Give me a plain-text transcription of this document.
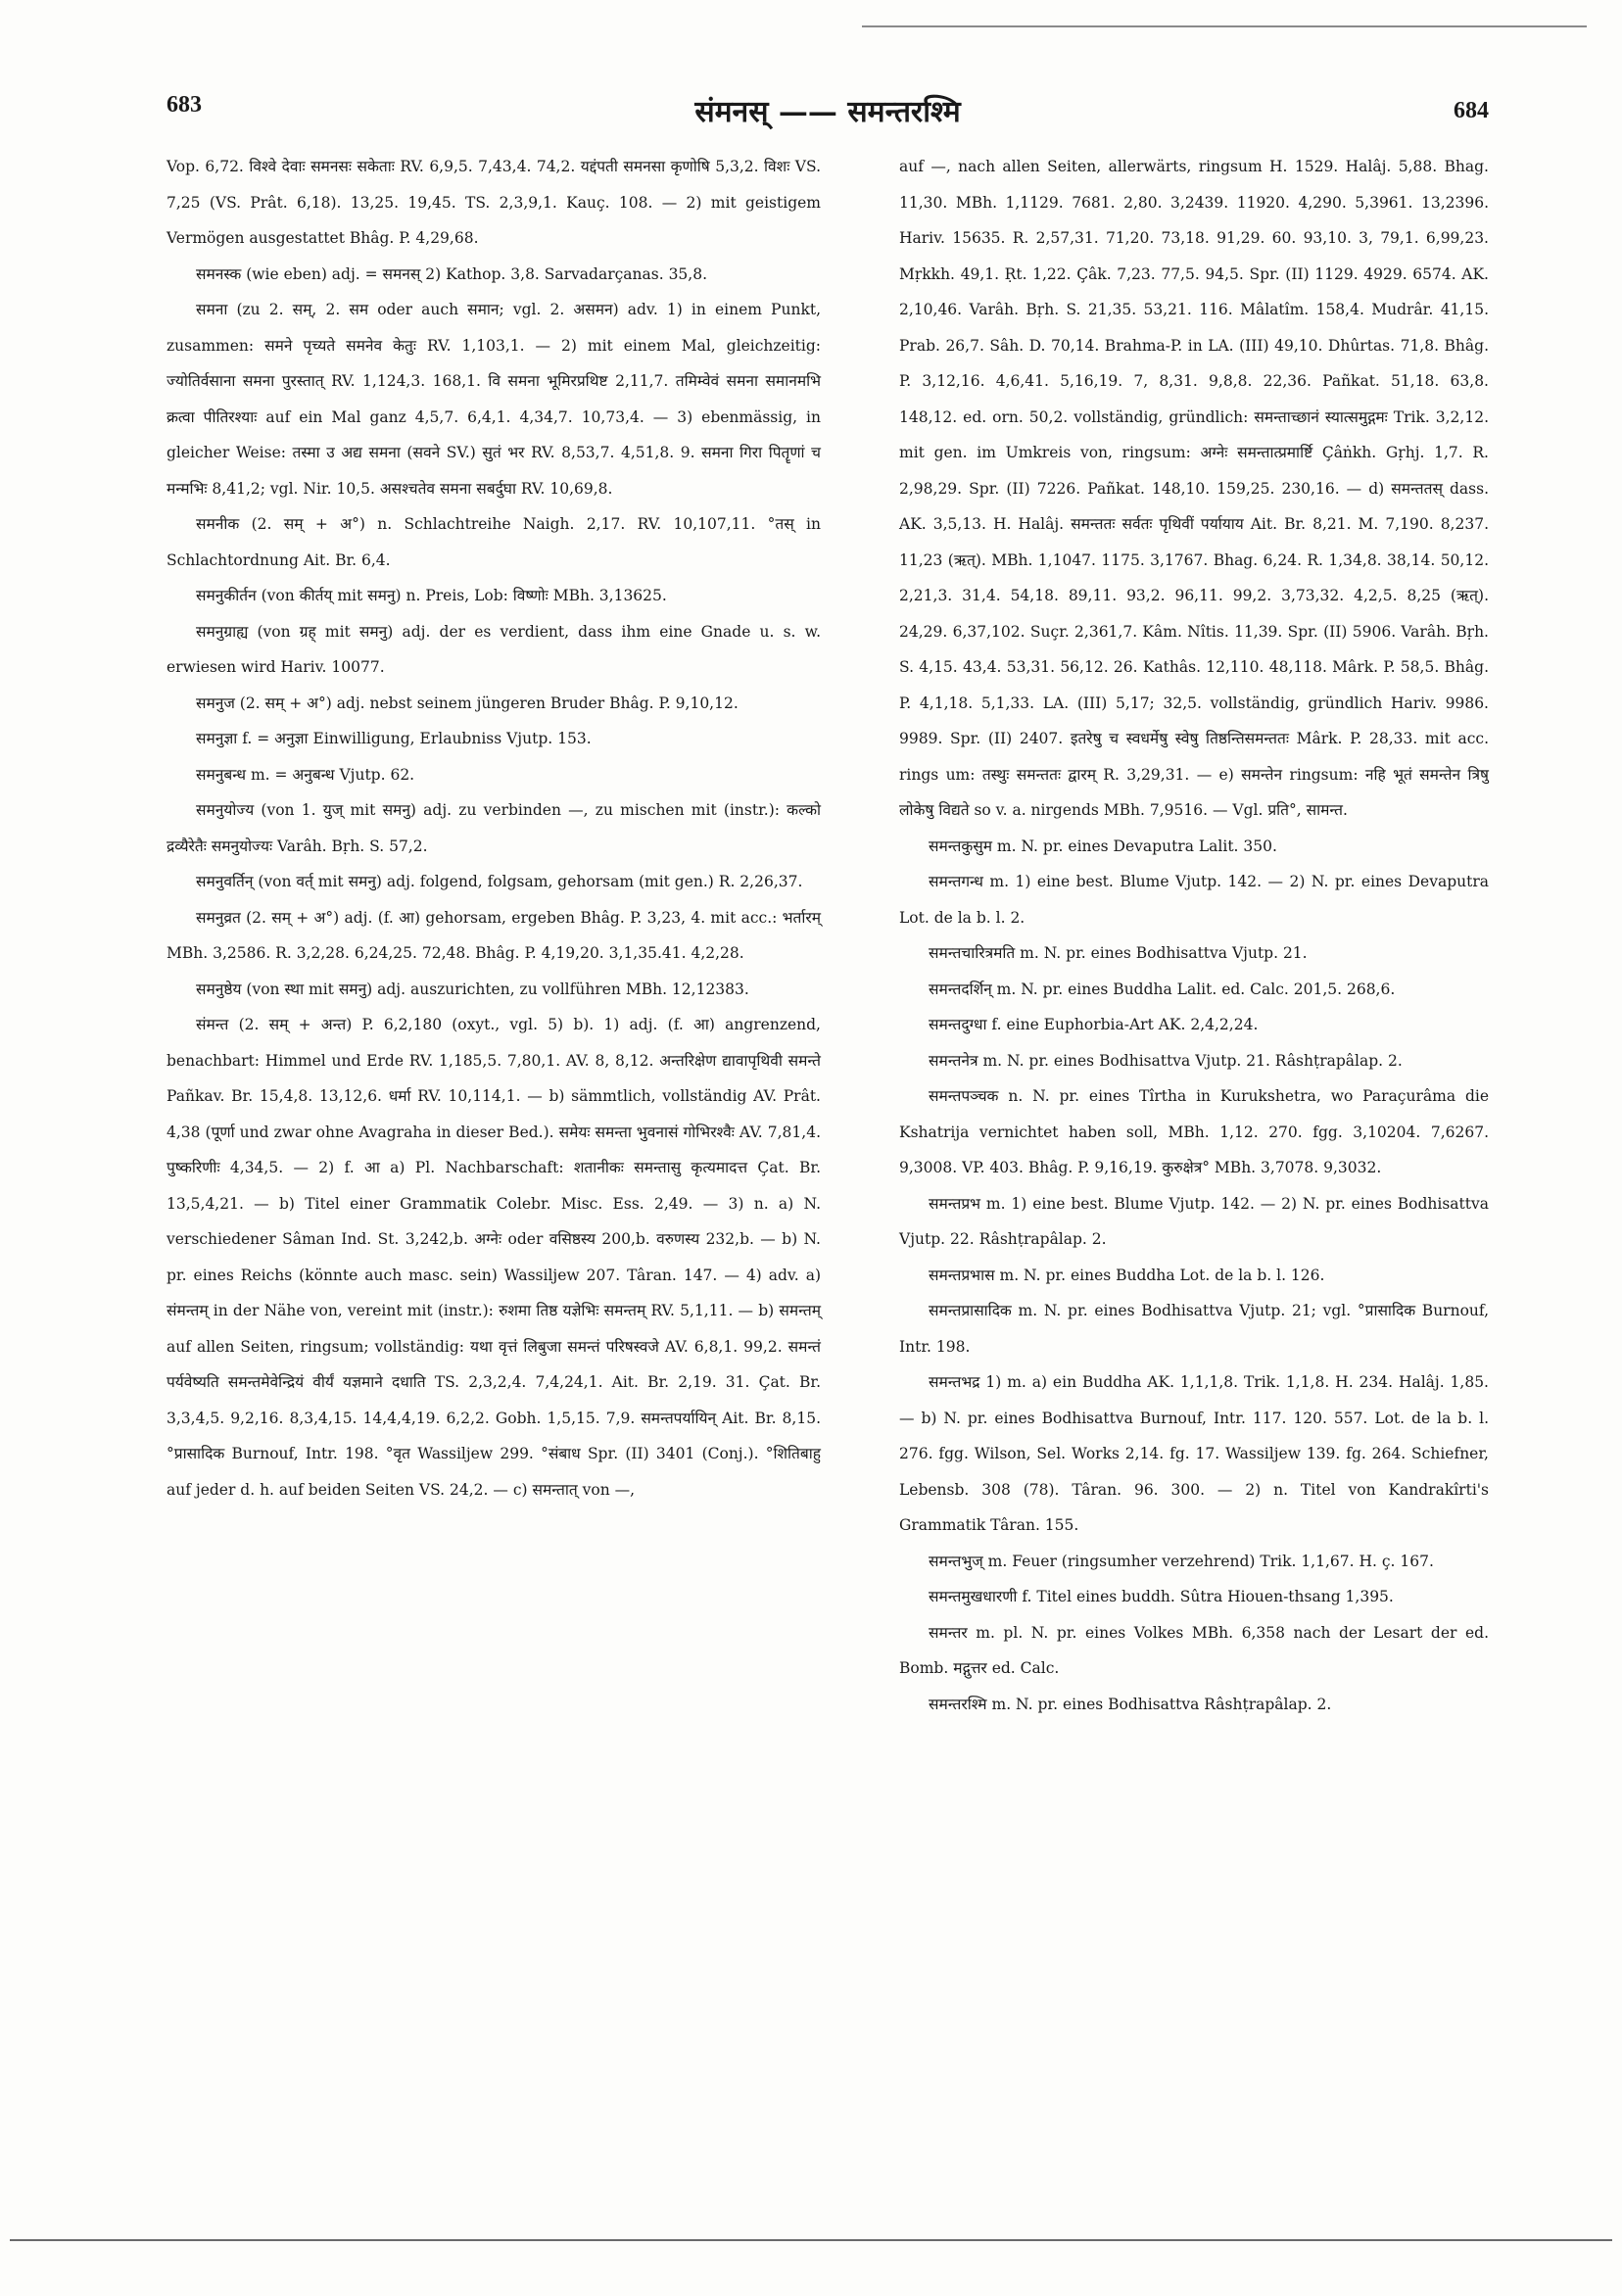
683	संमनस् —— समन्तरश्मि	684

Vop. 6,72. विश्वे देवाः समनसः सकेताः RV. 6,9,5. 7,43,4. 74,2. यद्दंपती समनसा कृणोषि 5,3,2. विशः VS. 7,25 (VS. Prât. 6,18). 13,25. 19,45. TS. 2,3,9,1. Kauç. 108. — 2) mit geistigem Vermögen ausgestattet Bhâg. P. 4,29,68.

समनस्क (wie eben) adj. = समनस् 2) Kathop. 3,8. Sarvadarçanas. 35,8.

समना (zu 2. सम्, 2. सम oder auch समान; vgl. 2. असमन) adv. 1) in einem Punkt, zusammen: समने पृच्यते समनेव केतुः RV. 1,103,1. — 2) mit einem Mal, gleichzeitig: ज्योतिर्वसाना समना पुरस्तात् RV. 1,124,3. 168,1. वि समना भूमिरप्रथिष्ट 2,11,7. तमिम्वेवं समना समानमभि क्रत्वा पीतिरश्याः auf ein Mal ganz 4,5,7. 6,4,1. 4,34,7. 10,73,4. — 3) ebenmässig, in gleicher Weise: तस्मा उ अद्य समना (सवने SV.) सुतं भर RV. 8,53,7. 4,51,8. 9. समना गिरा पितॄणां च मन्मभिः 8,41,2; vgl. Nir. 10,5. असश्चतेव समना सबर्दुघा RV. 10,69,8.

समनीक (2. सम् + अ°) n. Schlachtreihe Naigh. 2,17. RV. 10,107,11. °तस् in Schlachtordnung Ait. Br. 6,4.

समनुकीर्तन (von कीर्तय् mit समनु) n. Preis, Lob: विष्णोः MBh. 3,13625.

समनुग्राह्य (von ग्रह् mit समनु) adj. der es verdient, dass ihm eine Gnade u. s. w. erwiesen wird Hariv. 10077.

समनुज (2. सम् + अ°) adj. nebst seinem jüngeren Bruder Bhâg. P. 9,10,12.

समनुज्ञा f. = अनुज्ञा Einwilligung, Erlaubniss Vjutp. 153.

समनुबन्ध m. = अनुबन्ध Vjutp. 62.

समनुयोज्य (von 1. युज् mit समनु) adj. zu verbinden —, zu mischen mit (instr.): कल्को द्रव्यैरेतैः समनुयोज्यः Varâh. Bṛh. S. 57,2.

समनुवर्तिन् (von वर्त् mit समनु) adj. folgend, folgsam, gehorsam (mit gen.) R. 2,26,37.

समनुव्रत (2. सम् + अ°) adj. (f. आ) gehorsam, ergeben Bhâg. P. 3,23, 4. mit acc.: भर्तारम् MBh. 3,2586. R. 3,2,28. 6,24,25. 72,48. Bhâg. P. 4,19,20. 3,1,35.41. 4,2,28.

समनुष्ठेय (von स्था mit समनु) adj. auszurichten, zu vollführen MBh. 12,12383.

संमन्त (2. सम् + अन्त) P. 6,2,180 (oxyt., vgl. 5) b). 1) adj. (f. आ) angrenzend, benachbart: Himmel und Erde RV. 1,185,5. 7,80,1. AV. 8, 8,12. अन्तरिक्षेण द्यावापृथिवी समन्ते Pañkav. Br. 15,4,8. 13,12,6. धर्मा RV. 10,114,1. — b) sämmtlich, vollständig AV. Prât. 4,38 (पूर्णा und zwar ohne Avagraha in dieser Bed.). समेयः समन्ता भुवनासं गोभिरश्वैः AV. 7,81,4. पुष्करिणीः 4,34,5. — 2) f. आ a) Pl. Nachbarschaft: शतानीकः समन्तासु कृत्यमादत्त Çat. Br. 13,5,4,21. — b) Titel einer Grammatik Colebr. Misc. Ess. 2,49. — 3) n. a) N. verschiedener Sâman Ind. St. 3,242,b. अग्नेः oder वसिष्ठस्य 200,b. वरुणस्य 232,b. — b) N. pr. eines Reichs (könnte auch masc. sein) Wassiljew 207. Târan. 147. — 4) adv. a) संमन्तम् in der Nähe von, vereint mit (instr.): रुशमा तिष्ठ यज्ञेभिः समन्तम् RV. 5,1,11. — b) समन्तम् auf allen Seiten, ringsum; vollständig: यथा वृत्तं लिबुजा समन्तं परिषस्वजे AV. 6,8,1. 99,2. समन्तं पर्यवेष्यति समन्तमेवेन्द्रियं वीर्यं यज्ञमाने दधाति TS. 2,3,2,4. 7,4,24,1. Ait. Br. 2,19. 31. Çat. Br. 3,3,4,5. 9,2,16. 8,3,4,15. 14,4,4,19. 6,2,2. Gobh. 1,5,15. 7,9. समन्तपर्यायिन् Ait. Br. 8,15. °प्रासादिक Burnouf, Intr. 198. °वृत Wassiljew 299. °संबाध Spr. (II) 3401 (Conj.). °शितिबाहु auf jeder d. h. auf beiden Seiten VS. 24,2. — c) समन्तात् von —,

auf —, nach allen Seiten, allerwärts, ringsum H. 1529. Halâj. 5,88. Bhag. 11,30. MBh. 1,1129. 7681. 2,80. 3,2439. 11920. 4,290. 5,3961. 13,2396. Hariv. 15635. R. 2,57,31. 71,20. 73,18. 91,29. 60. 93,10. 3, 79,1. 6,99,23. Mṛkkh. 49,1. Ṛt. 1,22. Çâk. 7,23. 77,5. 94,5. Spr. (II) 1129. 4929. 6574. AK. 2,10,46. Varâh. Bṛh. S. 21,35. 53,21. 116. Mâlatîm. 158,4. Mudrâr. 41,15. Prab. 26,7. Sâh. D. 70,14. Brahma-P. in LA. (III) 49,10. Dhûrtas. 71,8. Bhâg. P. 3,12,16. 4,6,41. 5,16,19. 7, 8,31. 9,8,8. 22,36. Pañkat. 51,18. 63,8. 148,12. ed. orn. 50,2. vollständig, gründlich: समन्ताच्छानं स्यात्समुद्गमः Trik. 3,2,12. mit gen. im Umkreis von, ringsum: अग्नेः समन्तात्प्रमार्ष्टि Çâṅkh. Gṛhj. 1,7. R. 2,98,29. Spr. (II) 7226. Pañkat. 148,10. 159,25. 230,16. — d) समन्ततस् dass. AK. 3,5,13. H. Halâj. समन्ततः सर्वतः पृथिवीं पर्यायाय Ait. Br. 8,21. M. 7,190. 8,237. 11,23 (ऋत्). MBh. 1,1047. 1175. 3,1767. Bhag. 6,24. R. 1,34,8. 38,14. 50,12. 2,21,3. 31,4. 54,18. 89,11. 93,2. 96,11. 99,2. 3,73,32. 4,2,5. 8,25 (ऋत्). 24,29. 6,37,102. Suçr. 2,361,7. Kâm. Nîtis. 11,39. Spr. (II) 5906. Varâh. Bṛh. S. 4,15. 43,4. 53,31. 56,12. 26. Kathâs. 12,110. 48,118. Mârk. P. 58,5. Bhâg. P. 4,1,18. 5,1,33. LA. (III) 5,17; 32,5. vollständig, gründlich Hariv. 9986. 9989. Spr. (II) 2407. इतरेषु च स्वधर्मेषु स्वेषु तिष्ठन्तिसमन्ततः Mârk. P. 28,33. mit acc. rings um: तस्थुः समन्ततः द्वारम् R. 3,29,31. — e) समन्तेन ringsum: नहि भूतं समन्तेन त्रिषु लोकेषु विद्यते so v. a. nirgends MBh. 7,9516. — Vgl. प्रति°, सामन्त.

समन्तकुसुम m. N. pr. eines Devaputra Lalit. 350.

समन्तगन्ध m. 1) eine best. Blume Vjutp. 142. — 2) N. pr. eines Devaputra Lot. de la b. l. 2.

समन्तचारित्रमति m. N. pr. eines Bodhisattva Vjutp. 21.

समन्तदर्शिन् m. N. pr. eines Buddha Lalit. ed. Calc. 201,5. 268,6.

समन्तदुग्धा f. eine Euphorbia-Art AK. 2,4,2,24.

समन्तनेत्र m. N. pr. eines Bodhisattva Vjutp. 21. Râshṭrapâlap. 2.

समन्तपञ्चक n. N. pr. eines Tîrtha in Kurukshetra, wo Paraçurâma die Kshatrija vernichtet haben soll, MBh. 1,12. 270. fgg. 3,10204. 7,6267. 9,3008. VP. 403. Bhâg. P. 9,16,19. कुरुक्षेत्र° MBh. 3,7078. 9,3032.

समन्तप्रभ m. 1) eine best. Blume Vjutp. 142. — 2) N. pr. eines Bodhisattva Vjutp. 22. Râshṭrapâlap. 2.

समन्तप्रभास m. N. pr. eines Buddha Lot. de la b. l. 126.

समन्तप्रासादिक m. N. pr. eines Bodhisattva Vjutp. 21; vgl. °प्रासादिक Burnouf, Intr. 198.

समन्तभद्र 1) m. a) ein Buddha AK. 1,1,1,8. Trik. 1,1,8. H. 234. Halâj. 1,85. — b) N. pr. eines Bodhisattva Burnouf, Intr. 117. 120. 557. Lot. de la b. l. 276. fgg. Wilson, Sel. Works 2,14. fg. 17. Wassiljew 139. fg. 264. Schiefner, Lebensb. 308 (78). Târan. 96. 300. — 2) n. Titel von Kandrakîrti's Grammatik Târan. 155.

समन्तभुज् m. Feuer (ringsumher verzehrend) Trik. 1,1,67. H. ç. 167.

समन्तमुखधारणी f. Titel eines buddh. Sûtra Hiouen-thsang 1,395.

समन्तर m. pl. N. pr. eines Volkes MBh. 6,358 nach der Lesart der ed. Bomb. मद्गुत्तर ed. Calc.

समन्तरश्मि m. N. pr. eines Bodhisattva Râshṭrapâlap. 2.
